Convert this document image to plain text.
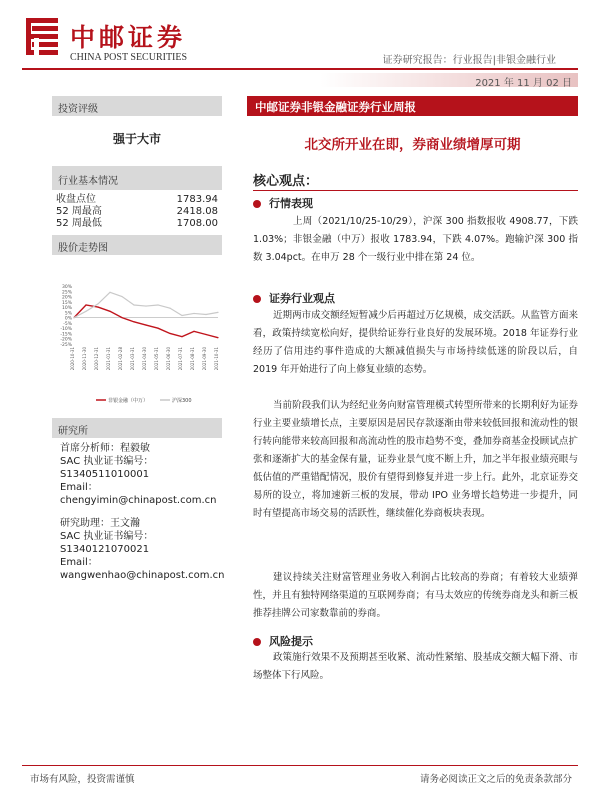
中邮证券
CHINA POST SECURITIES	证券研究报告：行业报告|非银金融行业
2021 年 11 月 02 日
投资评级
强于大市
行业基本情况
收盘点位	1783.94
52 周最高	2418.08
52 周最低	1708.00
股价走势图
30%
25%
20%
15%
10%
5%
0%
-5%
-10%
-15%
-20%
-25%
2020-10-31 2020-11-30 2020-12-31 2021-01-31 2021-02-28 2021-03-31 2021-04-30 2021-05-31 2021-06-30 2021-07-31 2021-08-31 2021-09-30 2021-10-31
非银金融（中万）	沪深300
研究所
首席分析师：程毅敏
SAC 执业证书编号：S1340511010001
Email：
chengyimin@chinapost.com.cn
研究助理：王文瀚
SAC 执业证书编号：S1340121070021
Email：
wangwenhao@chinapost.com.cn
中邮证券非银金融证券行业周报
北交所开业在即，券商业绩增厚可期
核心观点：
行情表现
上周（2021/10/25-10/29），沪深 300 指数报收 4908.77，下跌 1.03%；非银金融（中万）报收 1783.94，下跌 4.07%。跑输沪深 300 指数 3.04pct。在申万 28 个一级行业中排在第 24 位。
证券行业观点
近期两市成交额经短暂减少后再超过万亿规模，成交活跃。从监管方面来看，政策持续宽松向好，提供给证券行业良好的发展环境。2018 年证券行业经历了信用违约事件造成的大额减值损失与市场持续低迷的阶段以后，自 2019 年开始进行了向上修复业绩的态势。
当前阶段我们认为经纪业务向财富管理模式转型所带来的长期利好为证券行业主要业绩增长点，主要原因是居民存款逐渐由带来较低回报和流动性的银行转向能带来较高回报和高流动性的股市趋势不变，叠加券商基金投顾试点扩张和逐渐扩大的基金保有量，证券业景气度不断上升，加之半年报业绩亮眼与低估值的严重错配情况，股价有望得到修复并进一步上行。此外，北京证券交易所的设立，将加速新三板的发展，带动 IPO 业务增长趋势进一步提升，同时有望提高市场交易的活跃性，继续催化券商板块表现。
建议持续关注财富管理业务收入利润占比较高的券商；有着较大业绩弹性，并且有独特网络渠道的互联网券商；有马太效应的传统券商龙头和新三板推荐挂牌公司家数靠前的券商。
风险提示
政策施行效果不及预期甚至收紧、流动性紧缩、股基成交额大幅下滑、市场整体下行风险。
市场有风险，投资需谨慎	请务必阅读正文之后的免责条款部分
